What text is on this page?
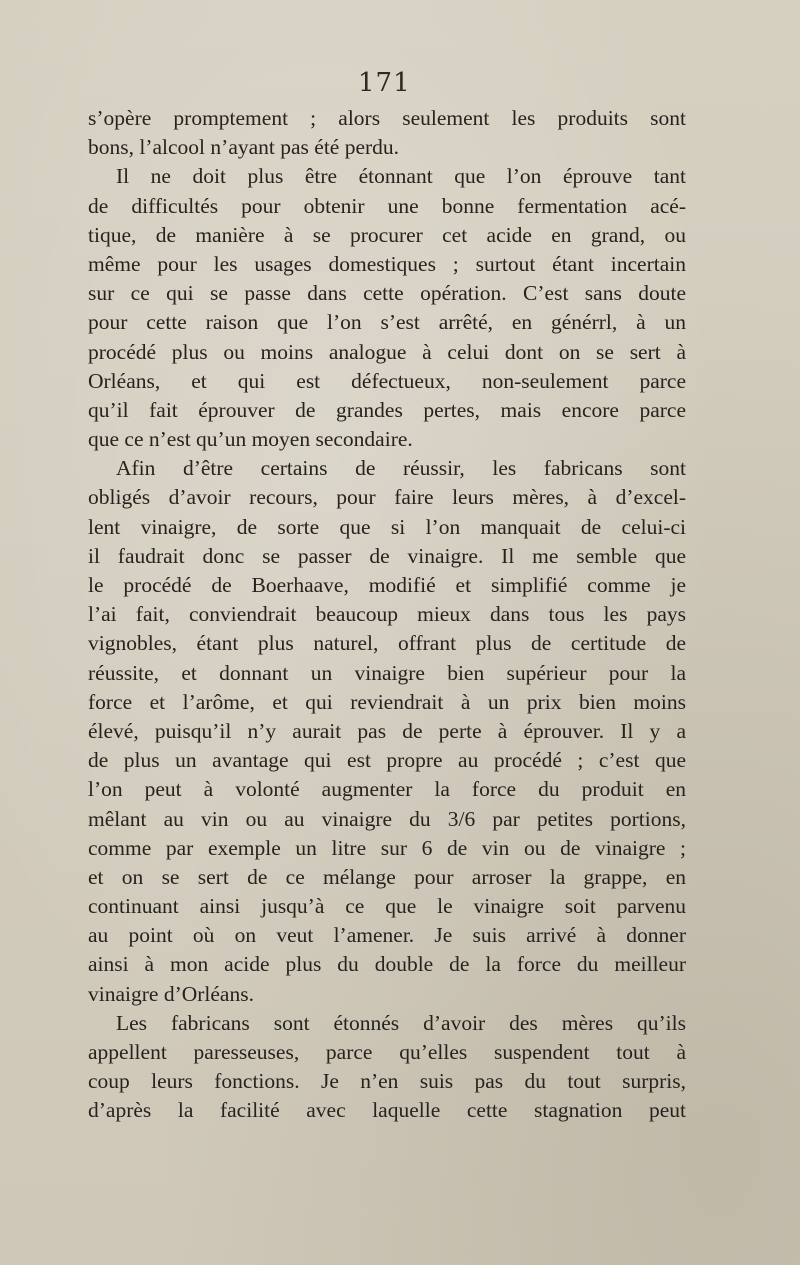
171
s’opère promptement ; alors seulement les produits sont
bons, l’alcool n’ayant pas été perdu.
Il ne doit plus être étonnant que l’on éprouve tant
de difficultés pour obtenir une bonne fermentation acé-
tique, de manière à se procurer cet acide en grand, ou
même pour les usages domestiques ; surtout étant incertain
sur ce qui se passe dans cette opération. C’est sans doute
pour cette raison que l’on s’est arrêté, en générrl, à un
procédé plus ou moins analogue à celui dont on se sert à
Orléans, et qui est défectueux, non-seulement parce
qu’il fait éprouver de grandes pertes, mais encore parce
que ce n’est qu’un moyen secondaire.
Afin d’être certains de réussir, les fabricans sont
obligés d’avoir recours, pour faire leurs mères, à d’excel-
lent vinaigre, de sorte que si l’on manquait de celui-ci
il faudrait donc se passer de vinaigre. Il me semble que
le procédé de Boerhaave, modifié et simplifié comme je
l’ai fait, conviendrait beaucoup mieux dans tous les pays
vignobles, étant plus naturel, offrant plus de certitude de
réussite, et donnant un vinaigre bien supérieur pour la
force et l’arôme, et qui reviendrait à un prix bien moins
élevé, puisqu’il n’y aurait pas de perte à éprouver. Il y a
de plus un avantage qui est propre au procédé ; c’est que
l’on peut à volonté augmenter la force du produit en
mêlant au vin ou au vinaigre du 3/6 par petites portions,
comme par exemple un litre sur 6 de vin ou de vinaigre ;
et on se sert de ce mélange pour arroser la grappe, en
continuant ainsi jusqu’à ce que le vinaigre soit parvenu
au point où on veut l’amener. Je suis arrivé à donner
ainsi à mon acide plus du double de la force du meilleur
vinaigre d’Orléans.
Les fabricans sont étonnés d’avoir des mères qu’ils
appellent paresseuses, parce qu’elles suspendent tout à
coup leurs fonctions. Je n’en suis pas du tout surpris,
d’après la facilité avec laquelle cette stagnation peut
